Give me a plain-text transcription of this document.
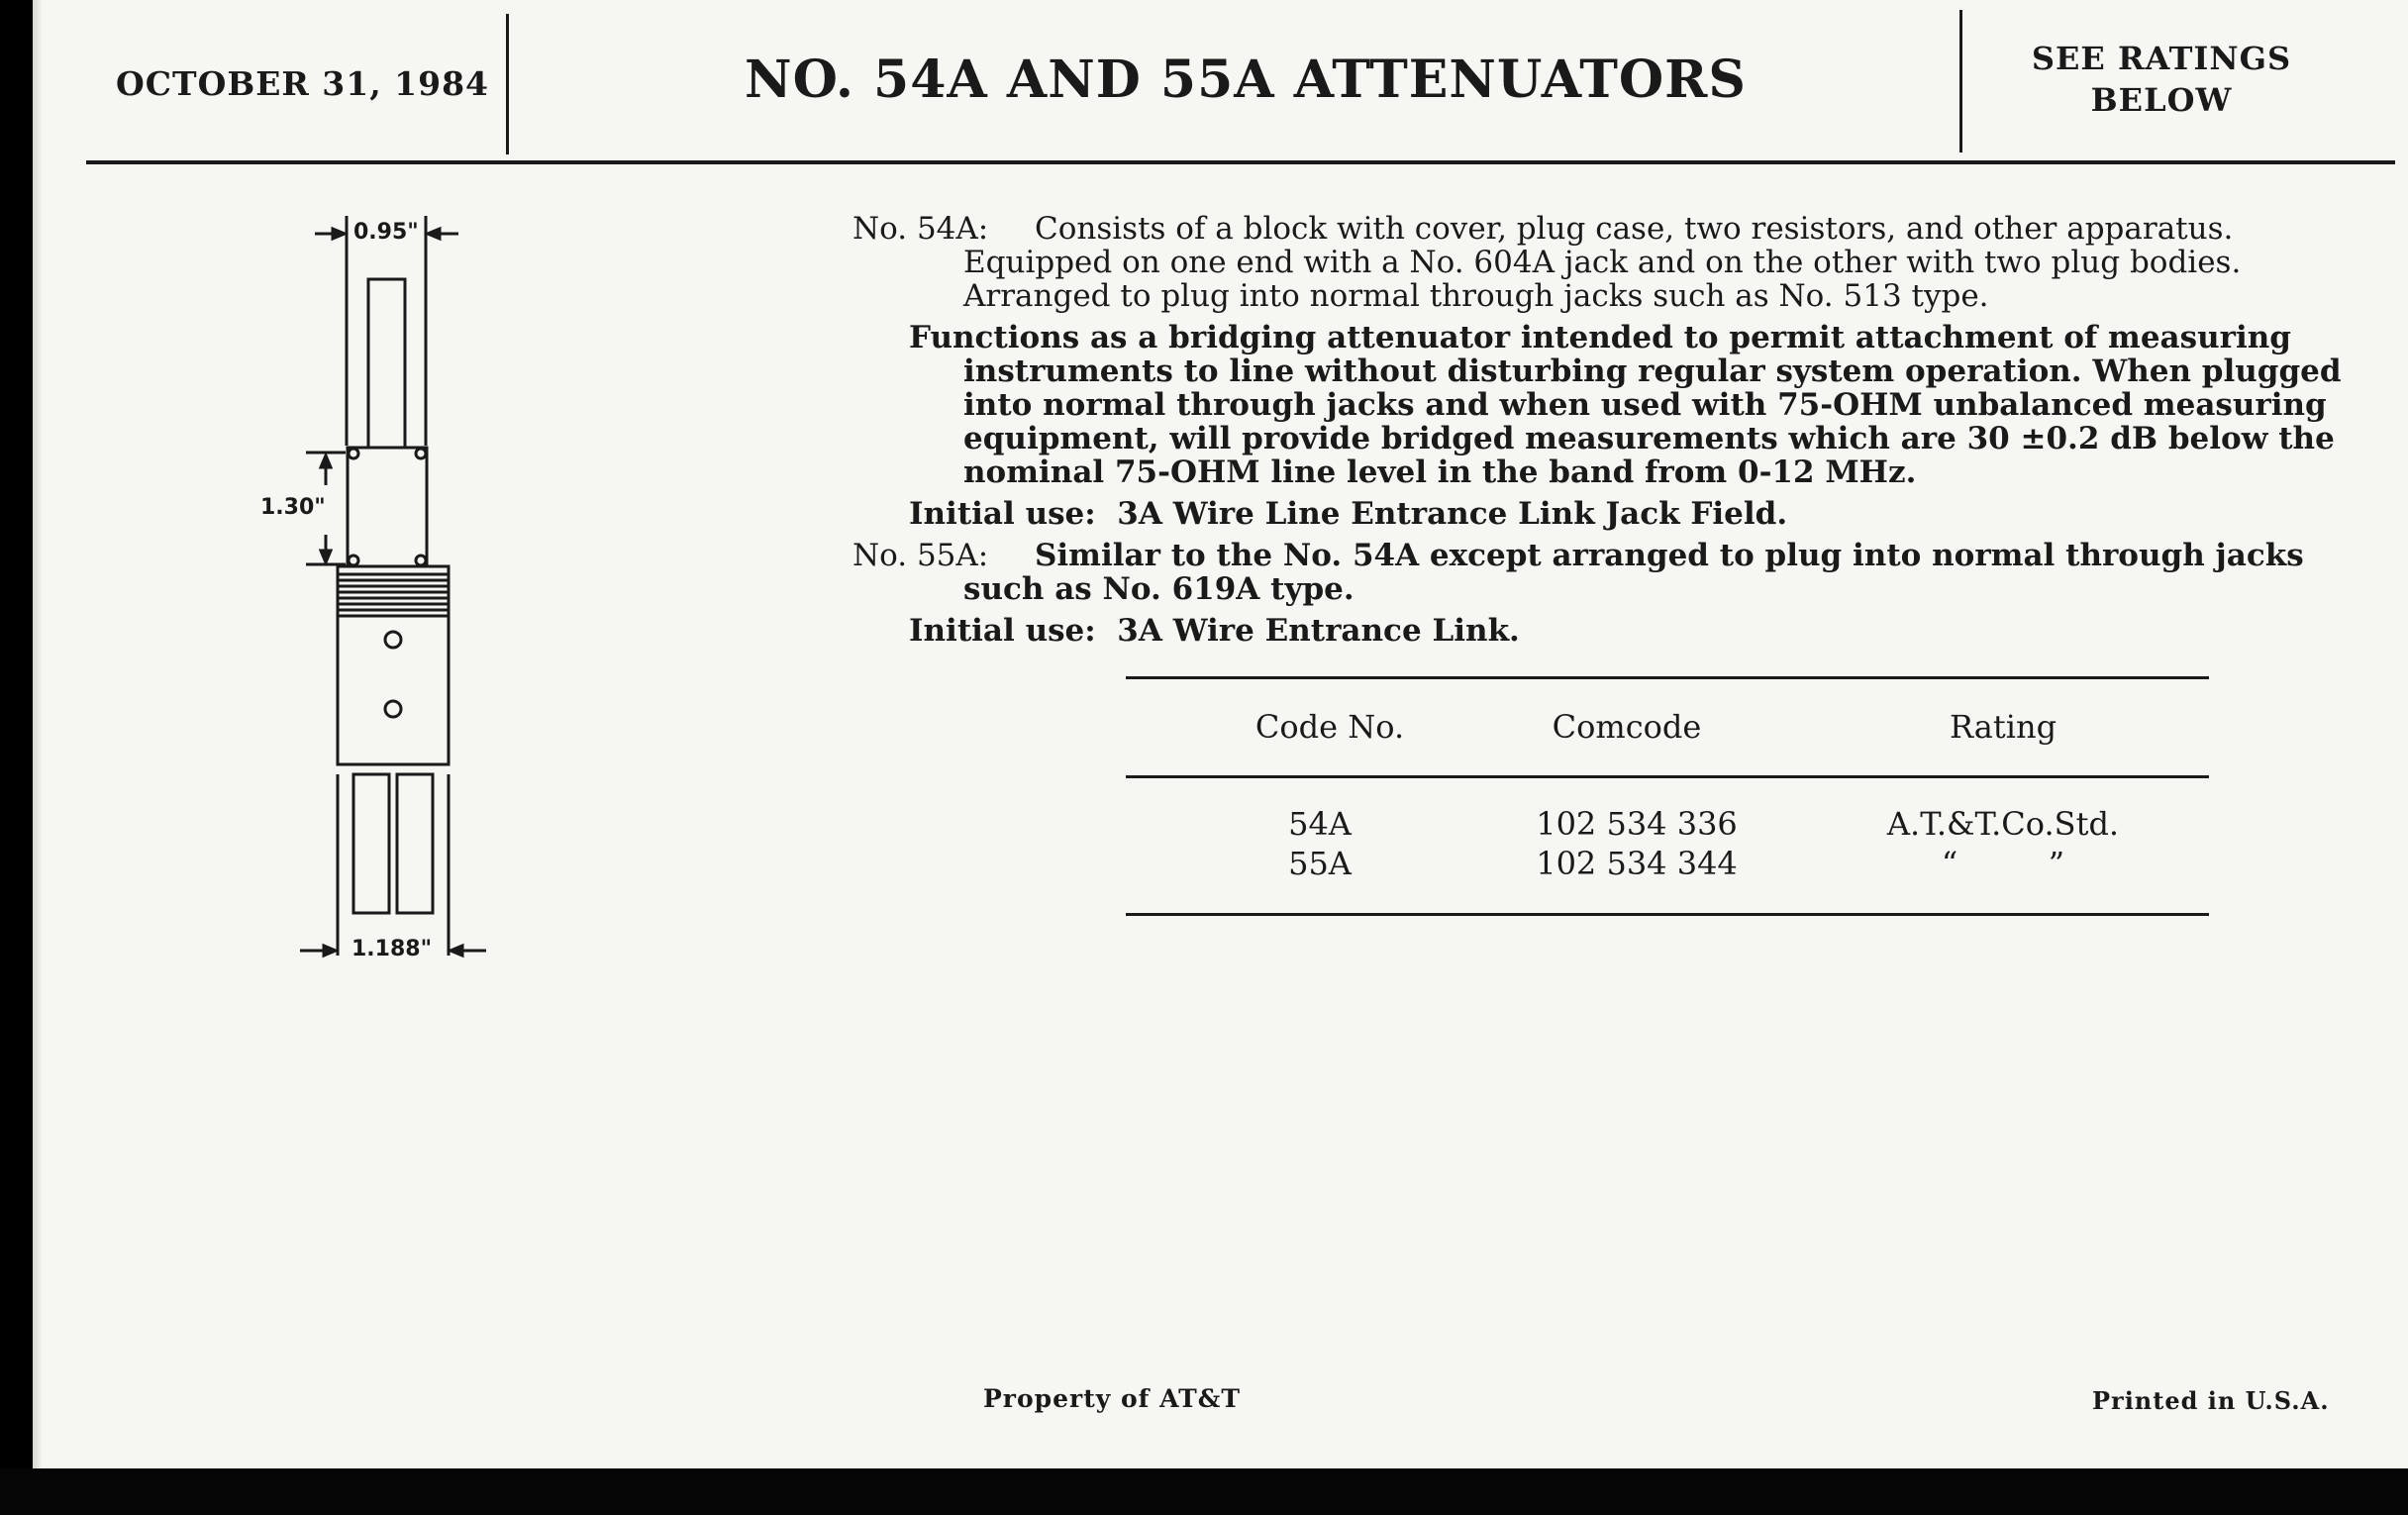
OCTOBER 31, 1984	NO. 54A AND 55A ATTENUATORS	SEE RATINGS
BELOW
0.95"
1.30"
1.188"
No. 54A: Consists of a block with cover, plug case, two resistors, and other apparatus.
Equipped on one end with a No. 604A jack and on the other with two plug bodies.
Arranged to plug into normal through jacks such as No. 513 type.
Functions as a bridging attenuator intended to permit attachment of measuring
instruments to line without disturbing regular system operation. When plugged
into normal through jacks and when used with 75-OHM unbalanced measuring
equipment, will provide bridged measurements which are 30 ±0.2 dB below the
nominal 75-OHM line level in the band from 0-12 MHz.
Initial use:  3A Wire Line Entrance Link Jack Field.
No. 55A: Similar to the No. 54A except arranged to plug into normal through jacks
such as No. 619A type.
Initial use:  3A Wire Entrance Link.
Code No.	Comcode	Rating
54A	102 534 336	A.T.&T.Co.Std.
55A	102 534 344	“         ”
Property of AT&T	Printed in U.S.A.
